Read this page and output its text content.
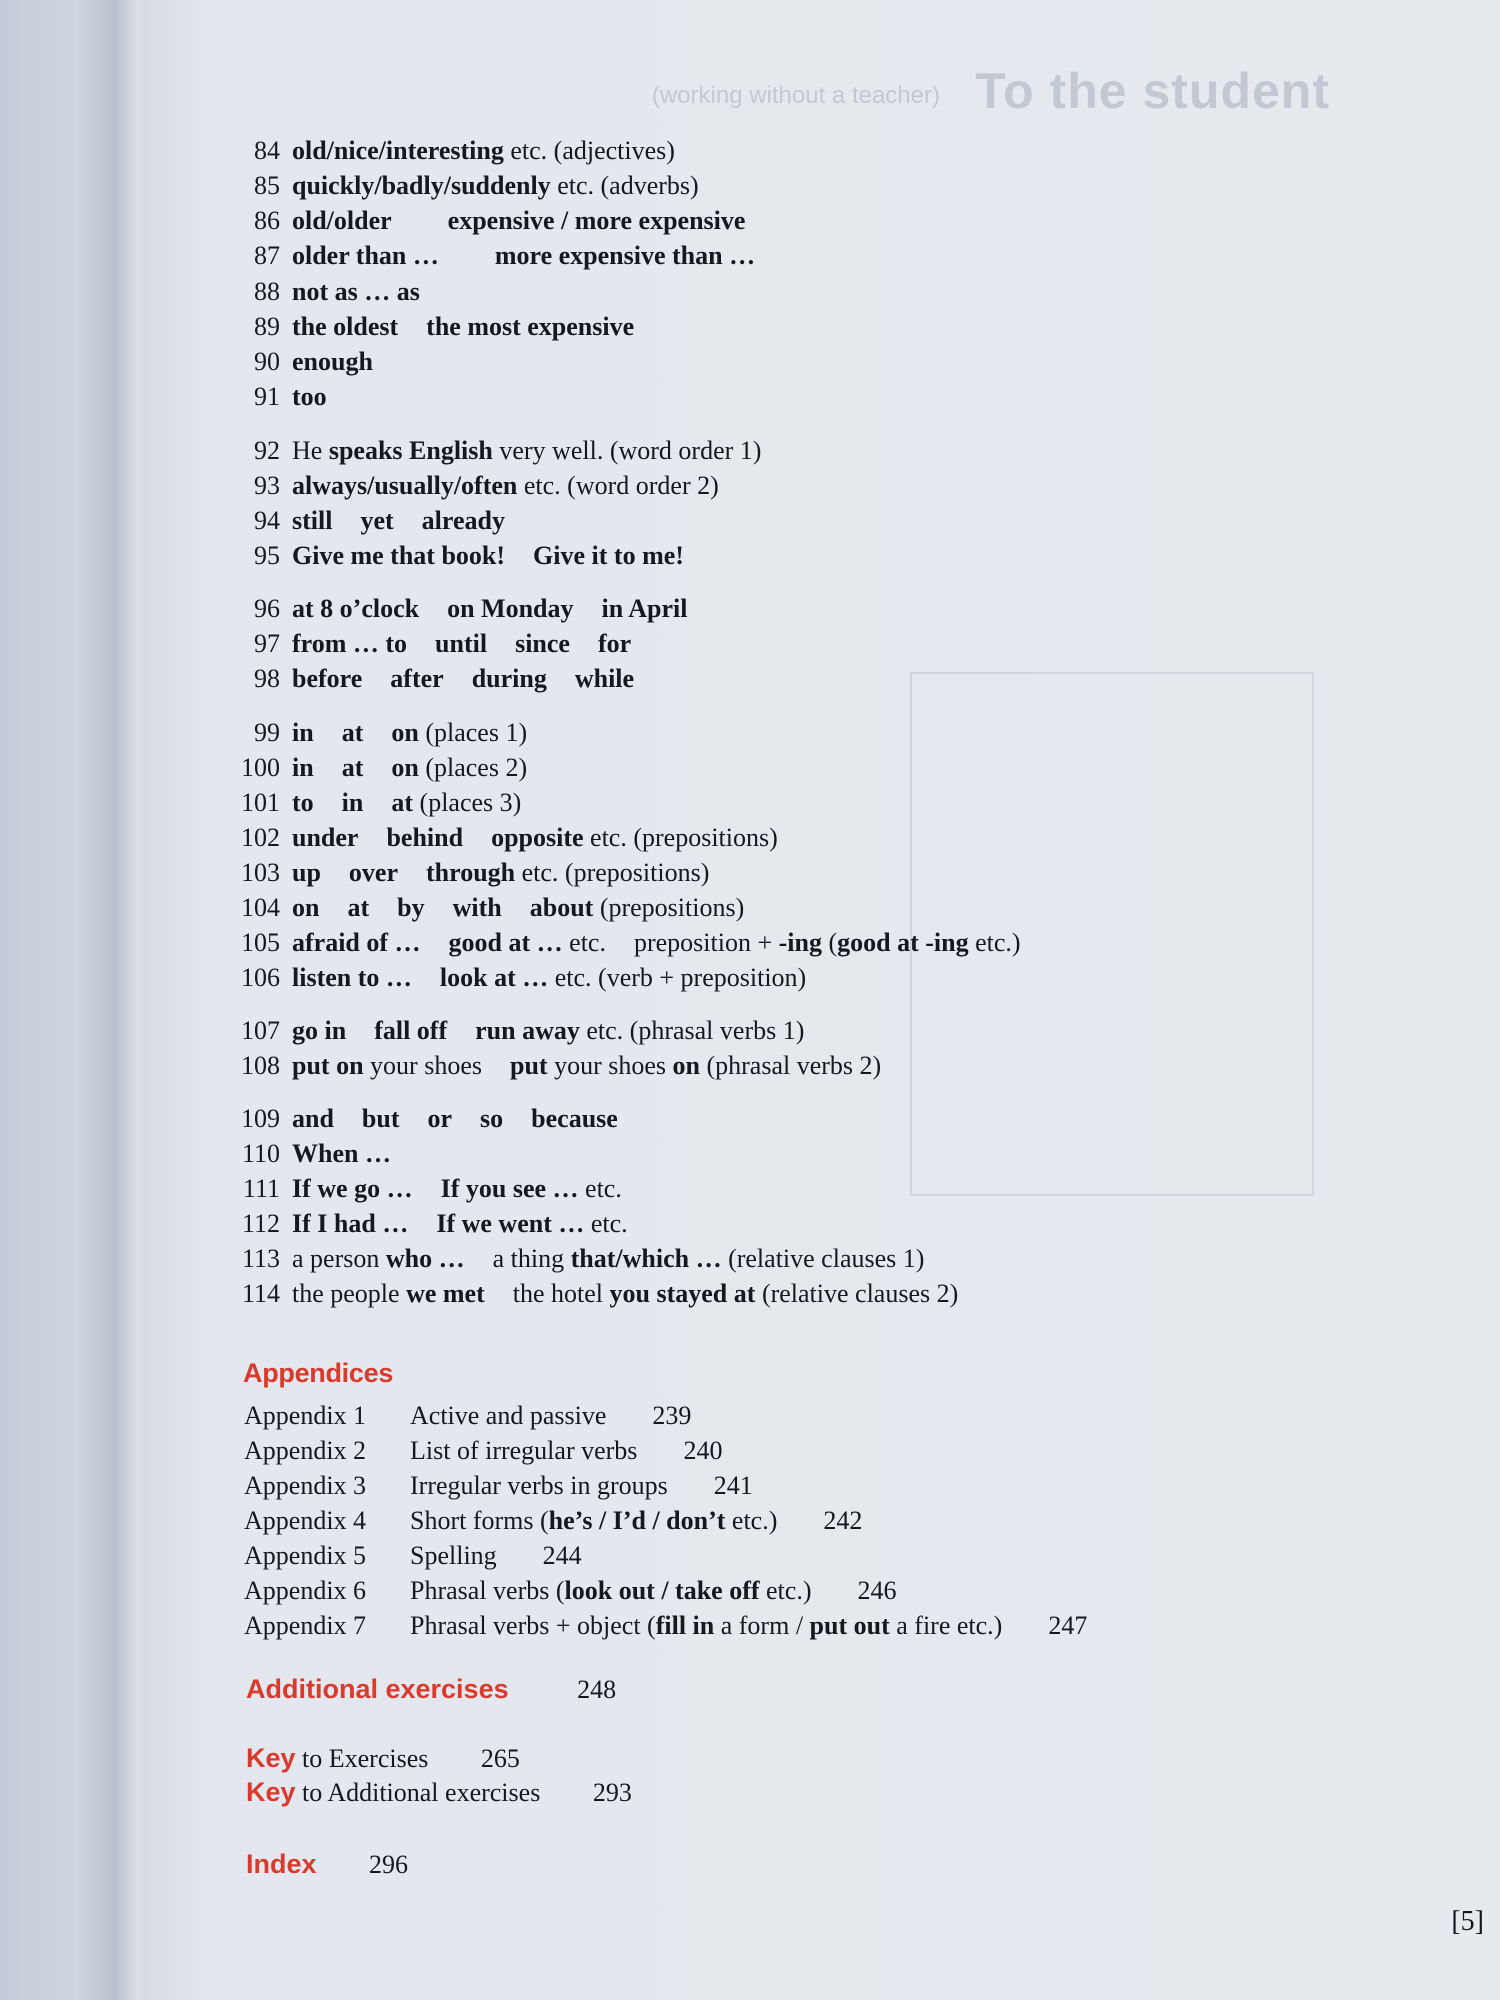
To the student
(working without a teacher)
84 old/nice/interesting etc. (adjectives)
85 quickly/badly/suddenly etc. (adverbs)
86 old/older expensive / more expensive
87 older than … more expensive than …
88 not as … as
89 the oldest the most expensive
90 enough
91 too
92 He speaks English very well. (word order 1)
93 always/usually/often etc. (word order 2)
94 still yet already
95 Give me that book! Give it to me!
96 at 8 o’clock on Monday in April
97 from … to until since for
98 before after during while
99 in at on (places 1)
100 in at on (places 2)
101 to in at (places 3)
102 under behind opposite etc. (prepositions)
103 up over through etc. (prepositions)
104 on at by with about (prepositions)
105 afraid of … good at … etc. preposition + -ing (good at -ing etc.)
106 listen to … look at … etc. (verb + preposition)
107 go in fall off run away etc. (phrasal verbs 1)
108 put on your shoes put your shoes on (phrasal verbs 2)
109 and but or so because
110 When …
111 If we go … If you see … etc.
112 If I had … If we went … etc.
113 a person who … a thing that/which … (relative clauses 1)
114 the people we met the hotel you stayed at (relative clauses 2)
Appendices
Appendix 1 Active and passive 239
Appendix 2 List of irregular verbs 240
Appendix 3 Irregular verbs in groups 241
Appendix 4 Short forms (he’s / I’d / don’t etc.) 242
Appendix 5 Spelling 244
Appendix 6 Phrasal verbs (look out / take off etc.) 246
Appendix 7 Phrasal verbs + object (fill in a form / put out a fire etc.) 247
Additional exercises	248
Key to Exercises 265
Key to Additional exercises 293
Index 296
[5]
